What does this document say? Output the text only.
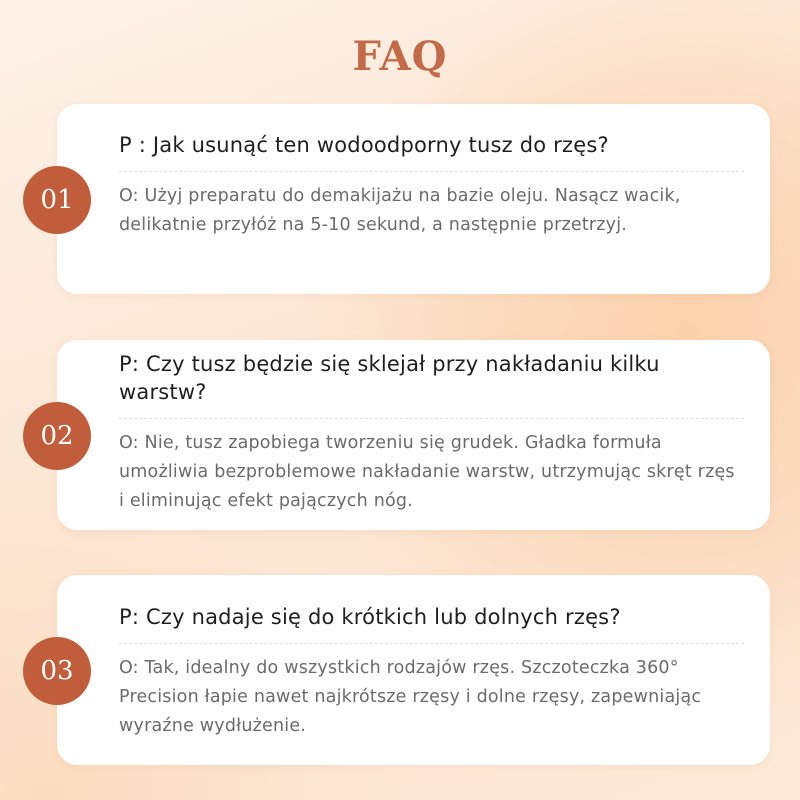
FAQ
P : Jak usunąć ten wodoodporny tusz do rzęs?
O: Użyj preparatu do demakijażu na bazie oleju. Nasącz wacik, delikatnie przyłóż na 5-10 sekund, a następnie przetrzyj.
01
P: Czy tusz będzie się sklejał przy nakładaniu kilku warstw?
O: Nie, tusz zapobiega tworzeniu się grudek. Gładka formuła umożliwia bezproblemowe nakładanie warstw, utrzymując skręt rzęs i eliminując efekt pajączych nóg.
02
P: Czy nadaje się do krótkich lub dolnych rzęs?
O: Tak, idealny do wszystkich rodzajów rzęs. Szczoteczka 360° Precision łapie nawet najkrótsze rzęsy i dolne rzęsy, zapewniając wyraźne wydłużenie.
03
